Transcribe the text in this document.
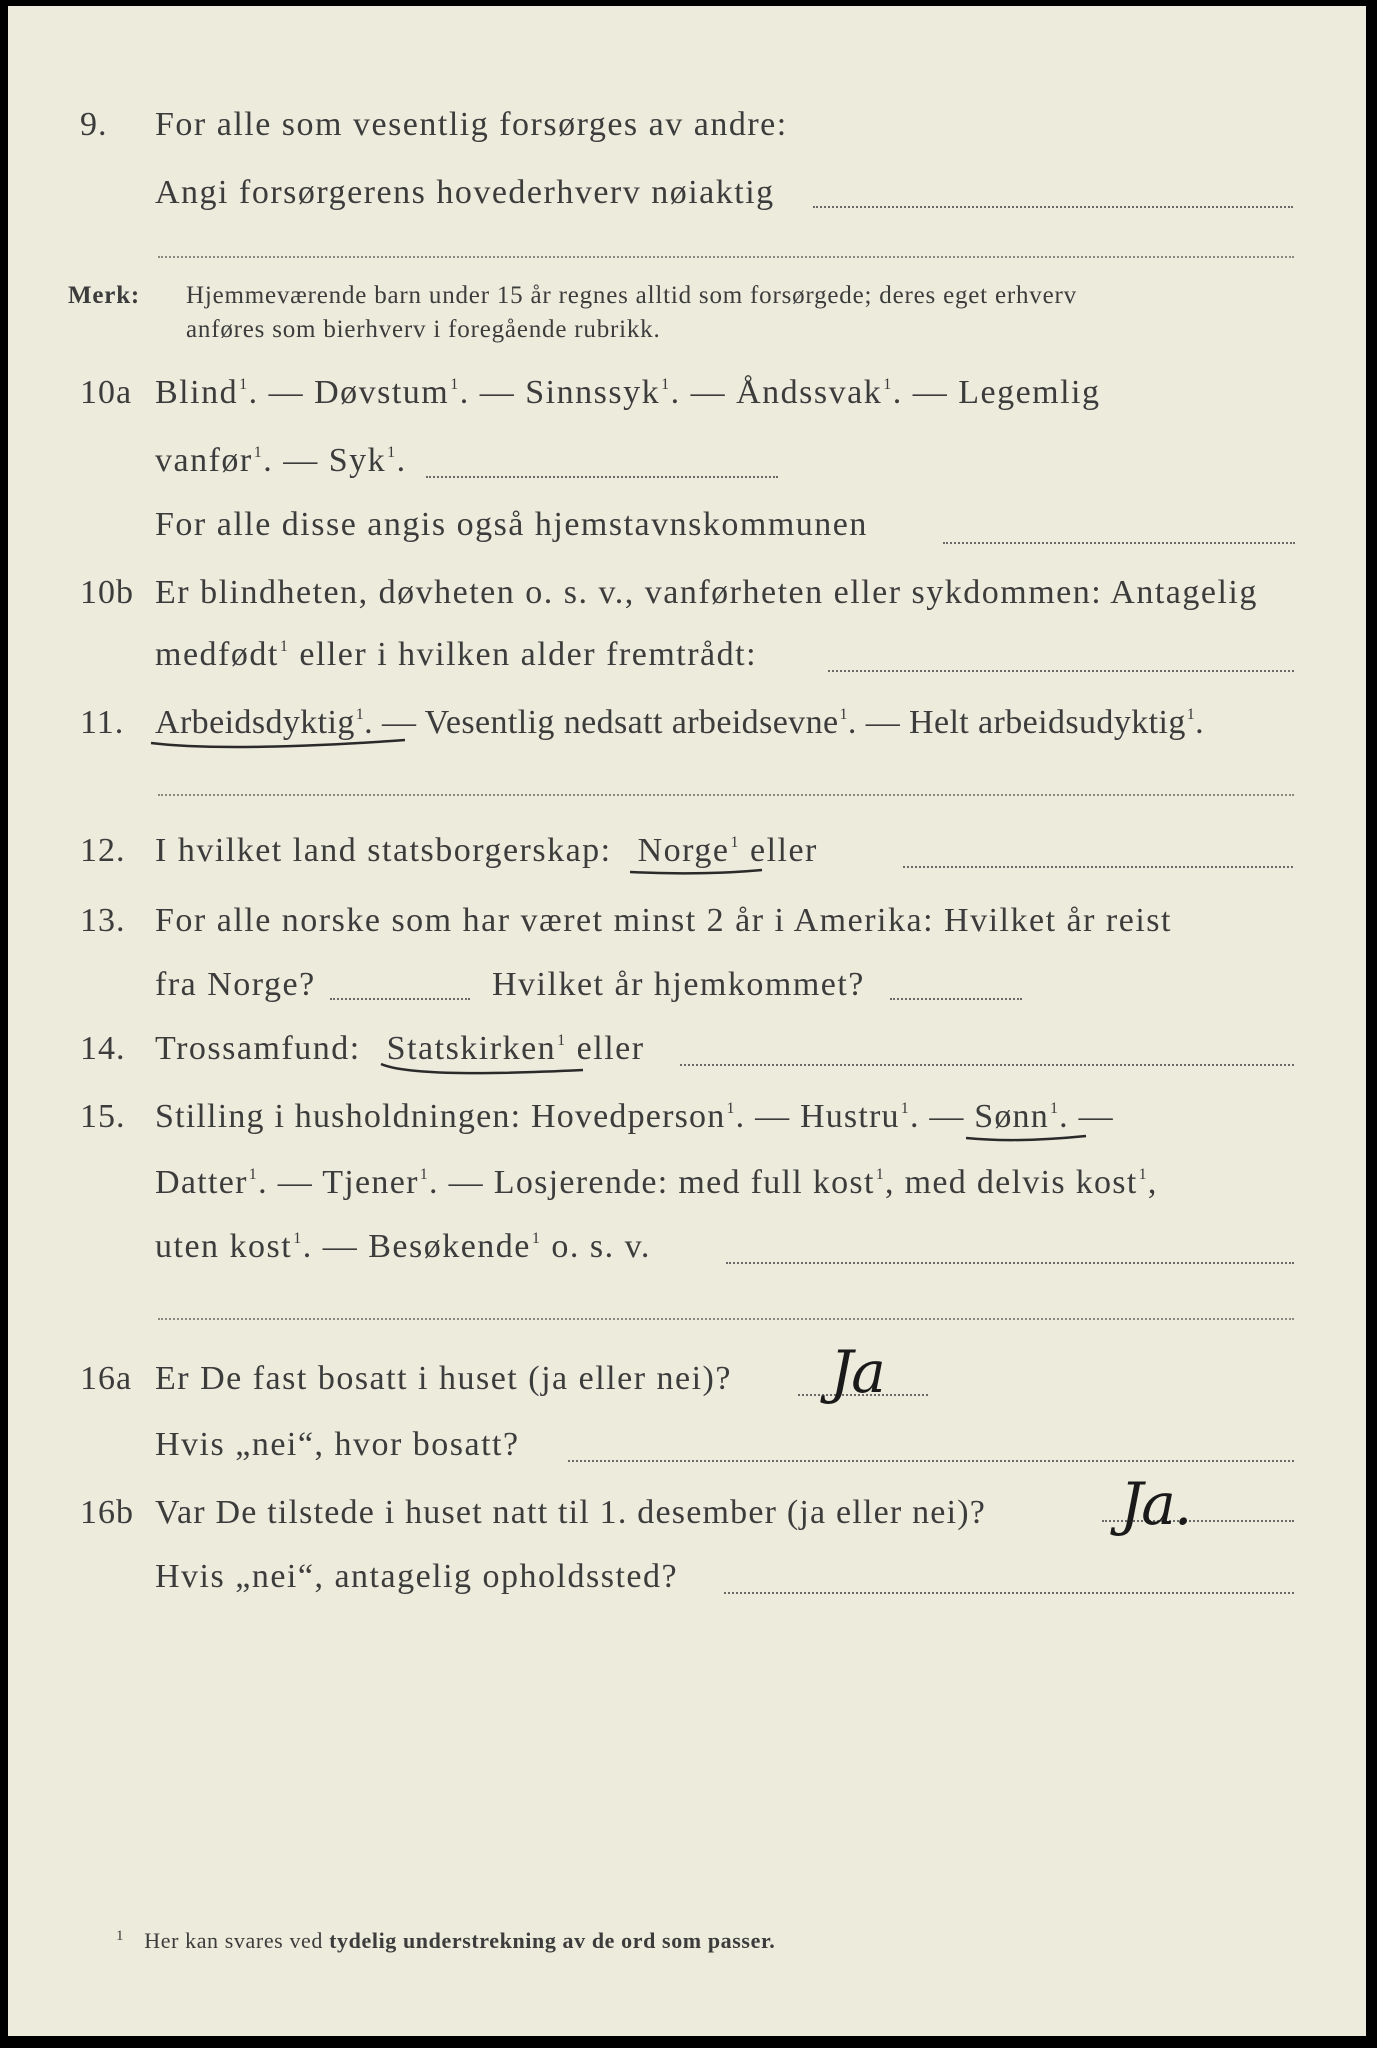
9. For alle som vesentlig forsørges av andre:
Angi forsørgerens hovederhverv nøiaktig
Merk: Hjemmeværende barn under 15 år regnes alltid som forsørgede; deres eget erhverv
anføres som bierhverv i foregående rubrikk.
10a Blind$^1$. — Døvstum$^1$. — Sinnssyk$^1$. — Åndssvak$^1$. — Legemlig
vanfør$^1$. — Syk$^1$.
For alle disse angis også hjemstavnskommunen
10b Er blindheten, døvheten o. s. v., vanførheten eller sykdommen: Antagelig
medfødt$^1$ eller i hvilken alder fremtrådt:
11. Arbeidsdyktig$^1$. — Vesentlig nedsatt arbeidsevne$^1$. — Helt arbeidsudyktig$^1$.
12. I hvilket land statsborgerskap: Norge$^1$ eller
13. For alle norske som har været minst 2 år i Amerika: Hvilket år reist
fra Norge?	Hvilket år hjemkommet?
14. Trossamfund: Statskirken$^1$ eller
15. Stilling i husholdningen: Hovedperson$^1$. — Hustru$^1$. — Sønn$^1$. —
Datter$^1$. — Tjener$^1$. — Losjerende: med full kost$^1$, med delvis kost$^1$,
uten kost$^1$. — Besøkende$^1$ o. s. v.
16a Er De fast bosatt i huset (ja eller nei)? Ja
Hvis „nei“, hvor bosatt?
16b Var De tilstede i huset natt til 1. desember (ja eller nei)? Ja.
Hvis „nei“, antagelig opholdssted?
$^1$ Her kan svares ved tydelig understrekning av de ord som passer.
